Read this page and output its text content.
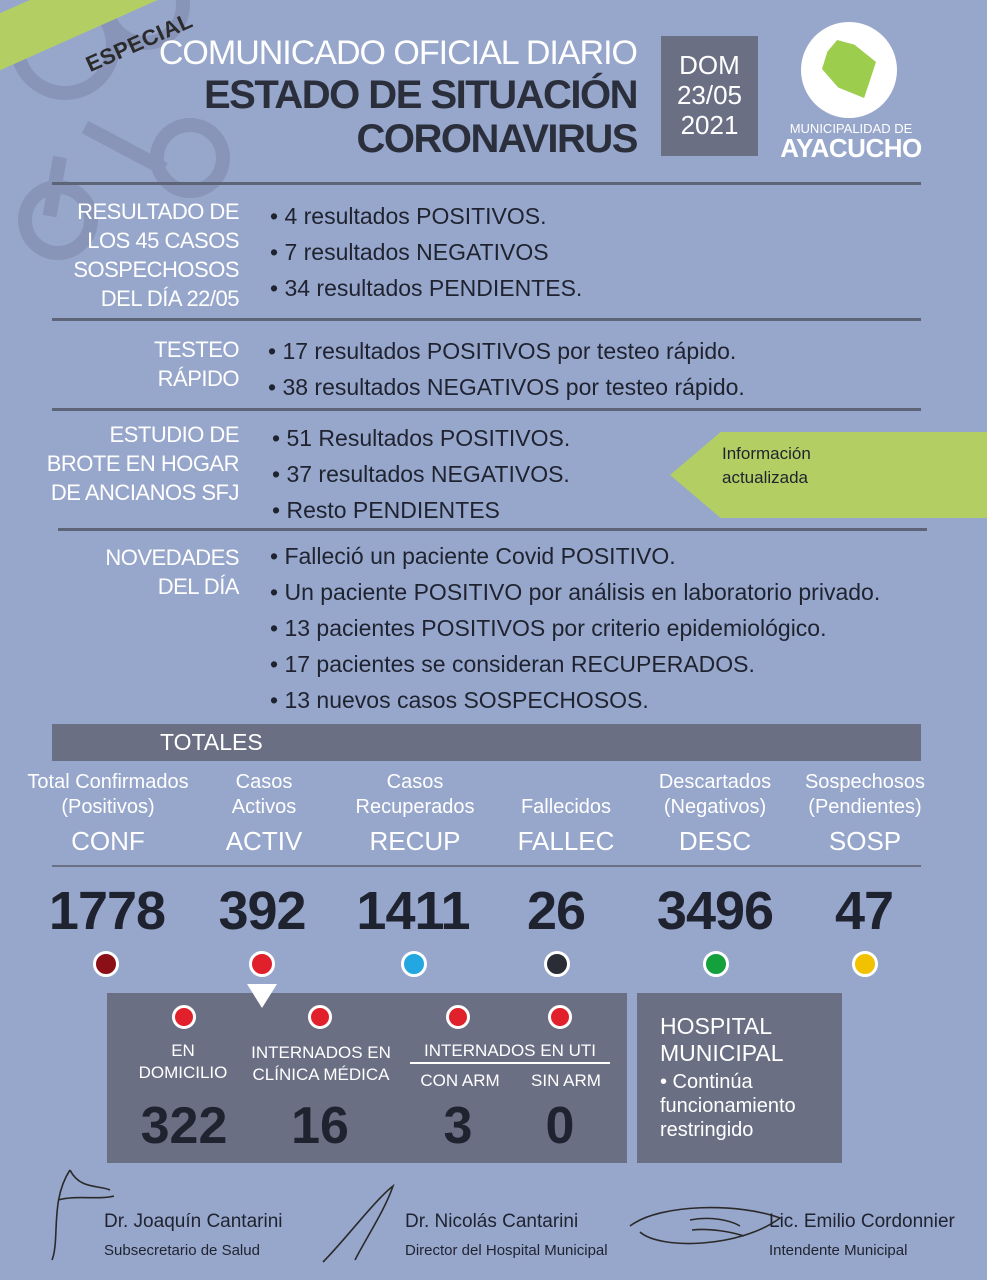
ESPECIAL
COMUNICADO OFICIAL DIARIO
ESTADO DE SITUACIÓN
CORONAVIRUS
DOM
23/05
2021	MUNICIPALIDAD DE
AYACUCHO
RESULTADO DE
LOS 45 CASOS
SOSPECHOSOS
DEL DÍA 22/05
• 4 resultados POSITIVOS.
• 7 resultados NEGATIVOS
• 34 resultados PENDIENTES.
TESTEO
RÁPIDO
• 17 resultados POSITIVOS por testeo rápido.
• 38 resultados NEGATIVOS por testeo rápido.
ESTUDIO DE
BROTE EN HOGAR
DE ANCIANOS SFJ
• 51 Resultados POSITIVOS.
• 37 resultados NEGATIVOS.
• Resto PENDIENTES
Información
actualizada
NOVEDADES
DEL DÍA
• Falleció un paciente Covid POSITIVO.
• Un paciente POSITIVO por análisis en laboratorio privado.
• 13 pacientes POSITIVOS por criterio epidemiológico.
• 17 pacientes se consideran RECUPERADOS.
• 13 nuevos casos SOSPECHOSOS.
TOTALES
Total Confirmados
(Positivos)
CONF
Casos
Activos
ACTIV
Casos
Recuperados
RECUP
Fallecidos
FALLEC
Descartados
(Negativos)
DESC
Sospechosos
(Pendientes)
SOSP
1778 392 1411	26	3496	47
EN
DOMICILIO
INTERNADOS EN
CLÍNICA MÉDICA
INTERNADOS EN UTI
CON ARM	SIN ARM
322	16	3	0
HOSPITAL
MUNICIPAL
• Continúa funcionamiento restringido
Dr. Joaquín Cantarini
Subsecretario de Salud
Dr. Nicolás Cantarini
Director del Hospital Municipal
Lic. Emilio Cordonnier
Intendente Municipal
